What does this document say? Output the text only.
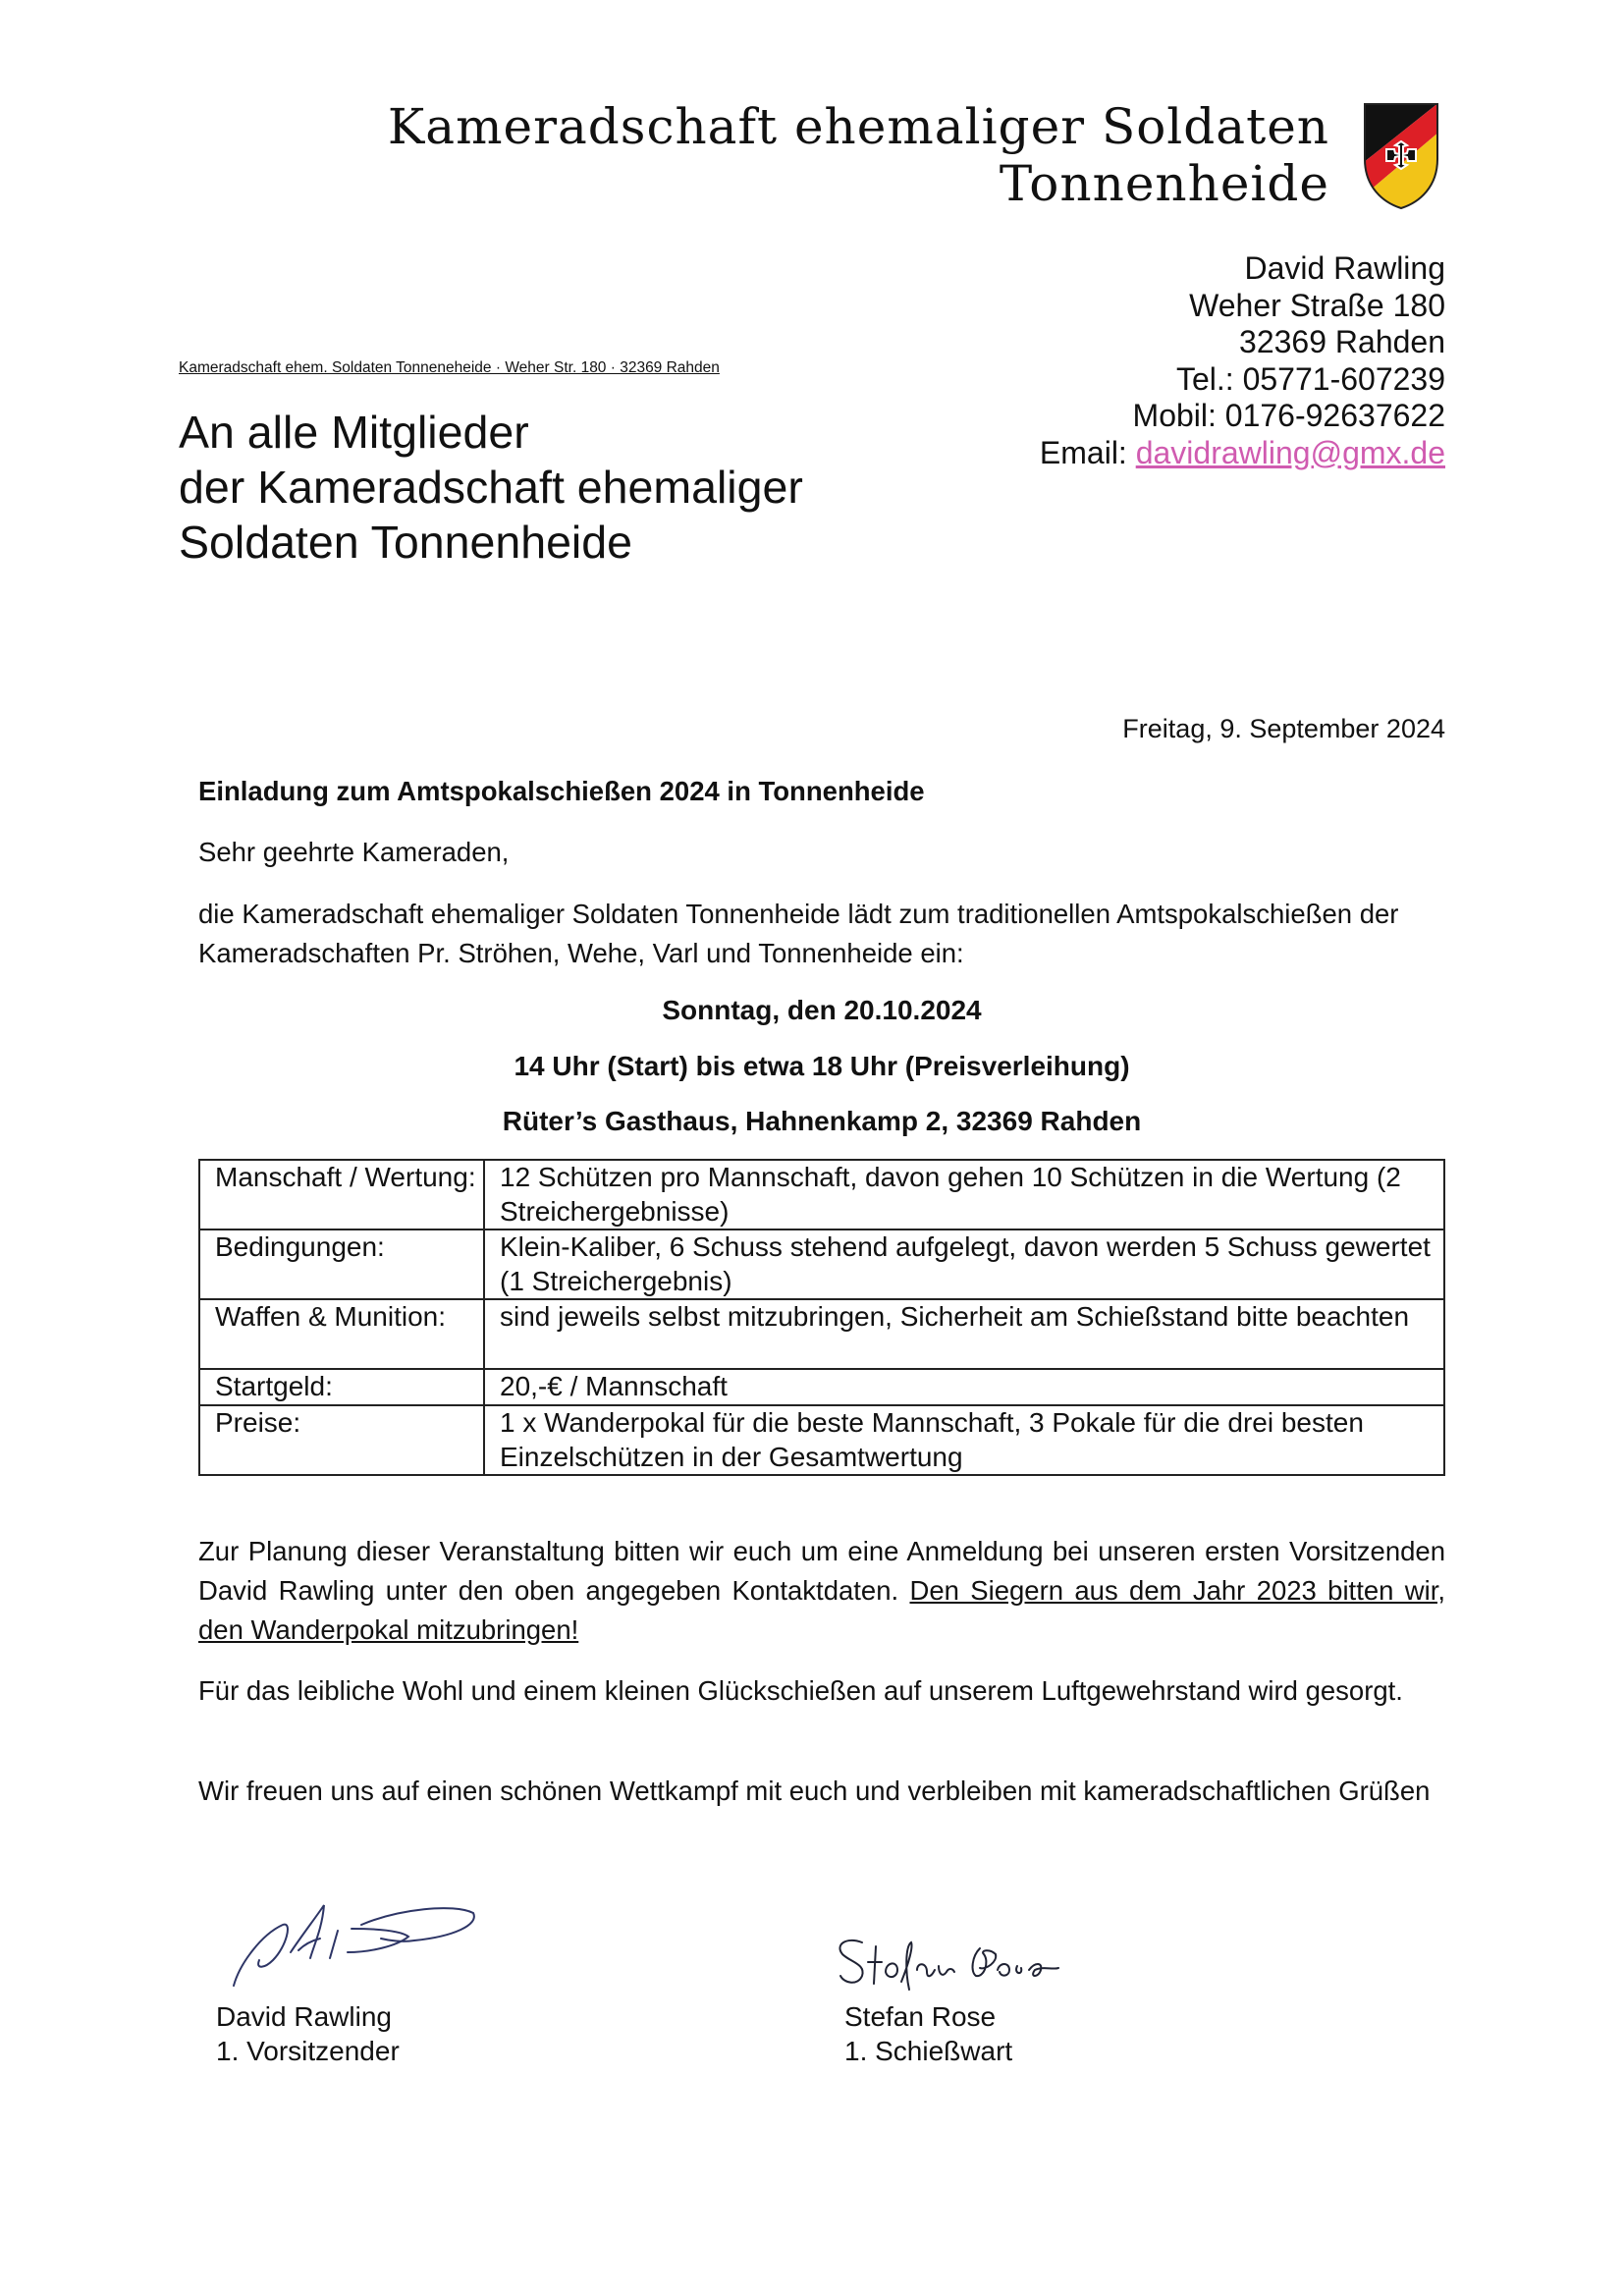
Kameradschaft ehemaliger Soldaten
Tonnenheide
David Rawling
Weher Straße 180
32369 Rahden
Tel.: 05771-607239
Mobil: 0176-92637622
Email: davidrawling@gmx.de
Kameradschaft ehem. Soldaten Tonneneheide · Weher Str. 180 · 32369 Rahden
An alle Mitglieder
der Kameradschaft ehemaliger
Soldaten Tonnenheide
Freitag, 9. September 2024
Einladung zum Amtspokalschießen 2024 in Tonnenheide
Sehr geehrte Kameraden,
die Kameradschaft ehemaliger Soldaten Tonnenheide lädt zum traditionellen Amtspokalschießen der Kameradschaften Pr. Ströhen, Wehe, Varl und Tonnenheide ein:
Sonntag, den 20.10.2024
14 Uhr (Start) bis etwa 18 Uhr (Preisverleihung)
Rüter’s Gasthaus, Hahnenkamp 2, 32369 Rahden
Manschaft / Wertung:	12 Schützen pro Mannschaft, davon gehen 10 Schützen in die Wertung (2 Streichergebnisse)
Bedingungen:	Klein-Kaliber, 6 Schuss stehend aufgelegt, davon werden 5 Schuss gewertet (1 Streichergebnis)
Waffen & Munition:	sind jeweils selbst mitzubringen, Sicherheit am Schießstand bitte beachten
Startgeld:	20,-€ / Mannschaft
Preise:	1 x Wanderpokal für die beste Mannschaft, 3 Pokale für die drei besten Einzelschützen in der Gesamtwertung
Zur Planung dieser Veranstaltung bitten wir euch um eine Anmeldung bei unseren ersten Vorsitzenden David Rawling unter den oben angegeben Kontaktdaten. Den Siegern aus dem Jahr 2023 bitten wir, den Wanderpokal mitzubringen!
Für das leibliche Wohl und einem kleinen Glückschießen auf unserem Luftgewehrstand wird gesorgt.
Wir freuen uns auf einen schönen Wettkampf mit euch und verbleiben mit kameradschaftlichen Grüßen
David Rawling
1. Vorsitzender
Stefan Rose
1. Schießwart
